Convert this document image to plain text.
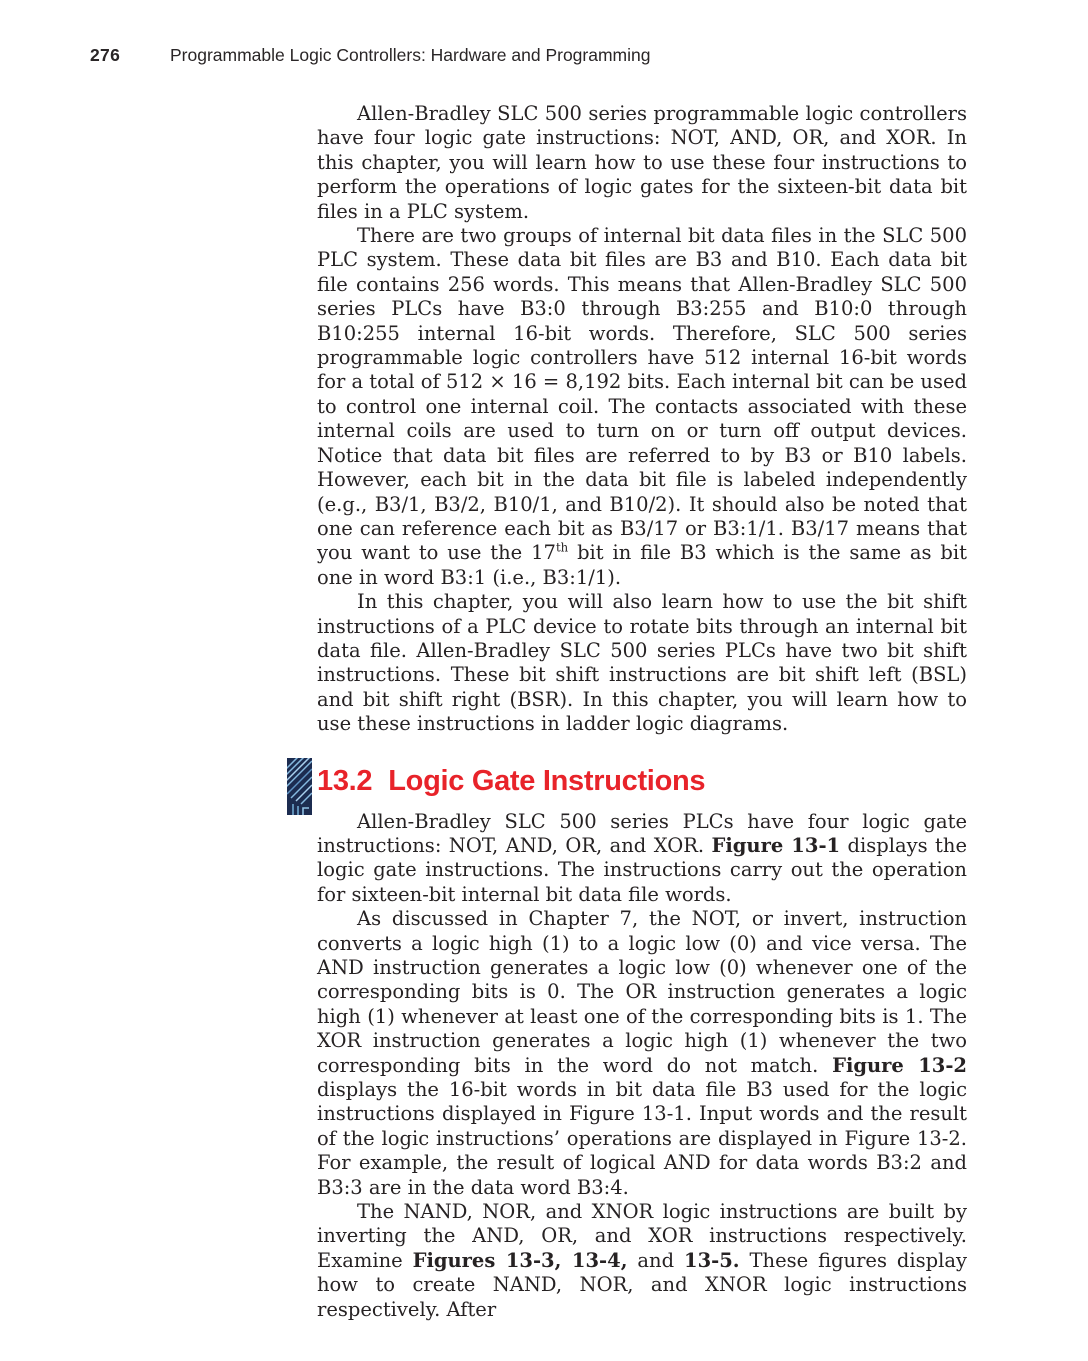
276	Programmable Logic Controllers: Hardware and Programming

Allen-Bradley SLC 500 series programmable logic controllers have four logic gate instructions: NOT, AND, OR, and XOR. In this chapter, you will learn how to use these four instructions to perform the operations of logic gates for the sixteen-bit data bit files in a PLC system.

There are two groups of internal bit data files in the SLC 500 PLC system. These data bit files are B3 and B10. Each data bit file contains 256 words. This means that Allen-Bradley SLC 500 series PLCs have B3:0 through B3:255 and B10:0 through B10:255 internal 16-bit words. Therefore, SLC 500 series programmable logic controllers have 512 internal 16-bit words for a total of 512 × 16 = 8,192 bits. Each internal bit can be used to control one internal coil. The contacts associated with these internal coils are used to turn on or turn off output devices. Notice that data bit files are referred to by B3 or B10 labels. However, each bit in the data bit file is labeled independently (e.g., B3/1, B3/2, B10/1, and B10/2). It should also be noted that one can reference each bit as B3/17 or B3:1/1. B3/17 means that you want to use the 17th bit in file B3 which is the same as bit one in word B3:1 (i.e., B3:1/1).

In this chapter, you will also learn how to use the bit shift instructions of a PLC device to rotate bits through an internal bit data file. Allen-Bradley SLC 500 series PLCs have two bit shift instructions. These bit shift instructions are bit shift left (BSL) and bit shift right (BSR). In this chapter, you will learn how to use these instructions in ladder logic diagrams.

13.2 Logic Gate Instructions

Allen-Bradley SLC 500 series PLCs have four logic gate instructions: NOT, AND, OR, and XOR. Figure 13-1 displays the logic gate instructions. The instructions carry out the operation for sixteen-bit internal bit data file words.

As discussed in Chapter 7, the NOT, or invert, instruction converts a logic high (1) to a logic low (0) and vice versa. The AND instruction generates a logic low (0) whenever one of the corresponding bits is 0. The OR instruction generates a logic high (1) whenever at least one of the corresponding bits is 1. The XOR instruction generates a logic high (1) whenever the two corresponding bits in the word do not match. Figure 13-2 displays the 16-bit words in bit data file B3 used for the logic instructions displayed in Figure 13-1. Input words and the result of the logic instructions’ operations are displayed in Figure 13-2. For example, the result of logical AND for data words B3:2 and B3:3 are in the data word B3:4.

The NAND, NOR, and XNOR logic instructions are built by inverting the AND, OR, and XOR instructions respectively. Examine Figures 13-3, 13-4, and 13-5. These figures display how to create NAND, NOR, and XNOR logic instructions respectively. After
